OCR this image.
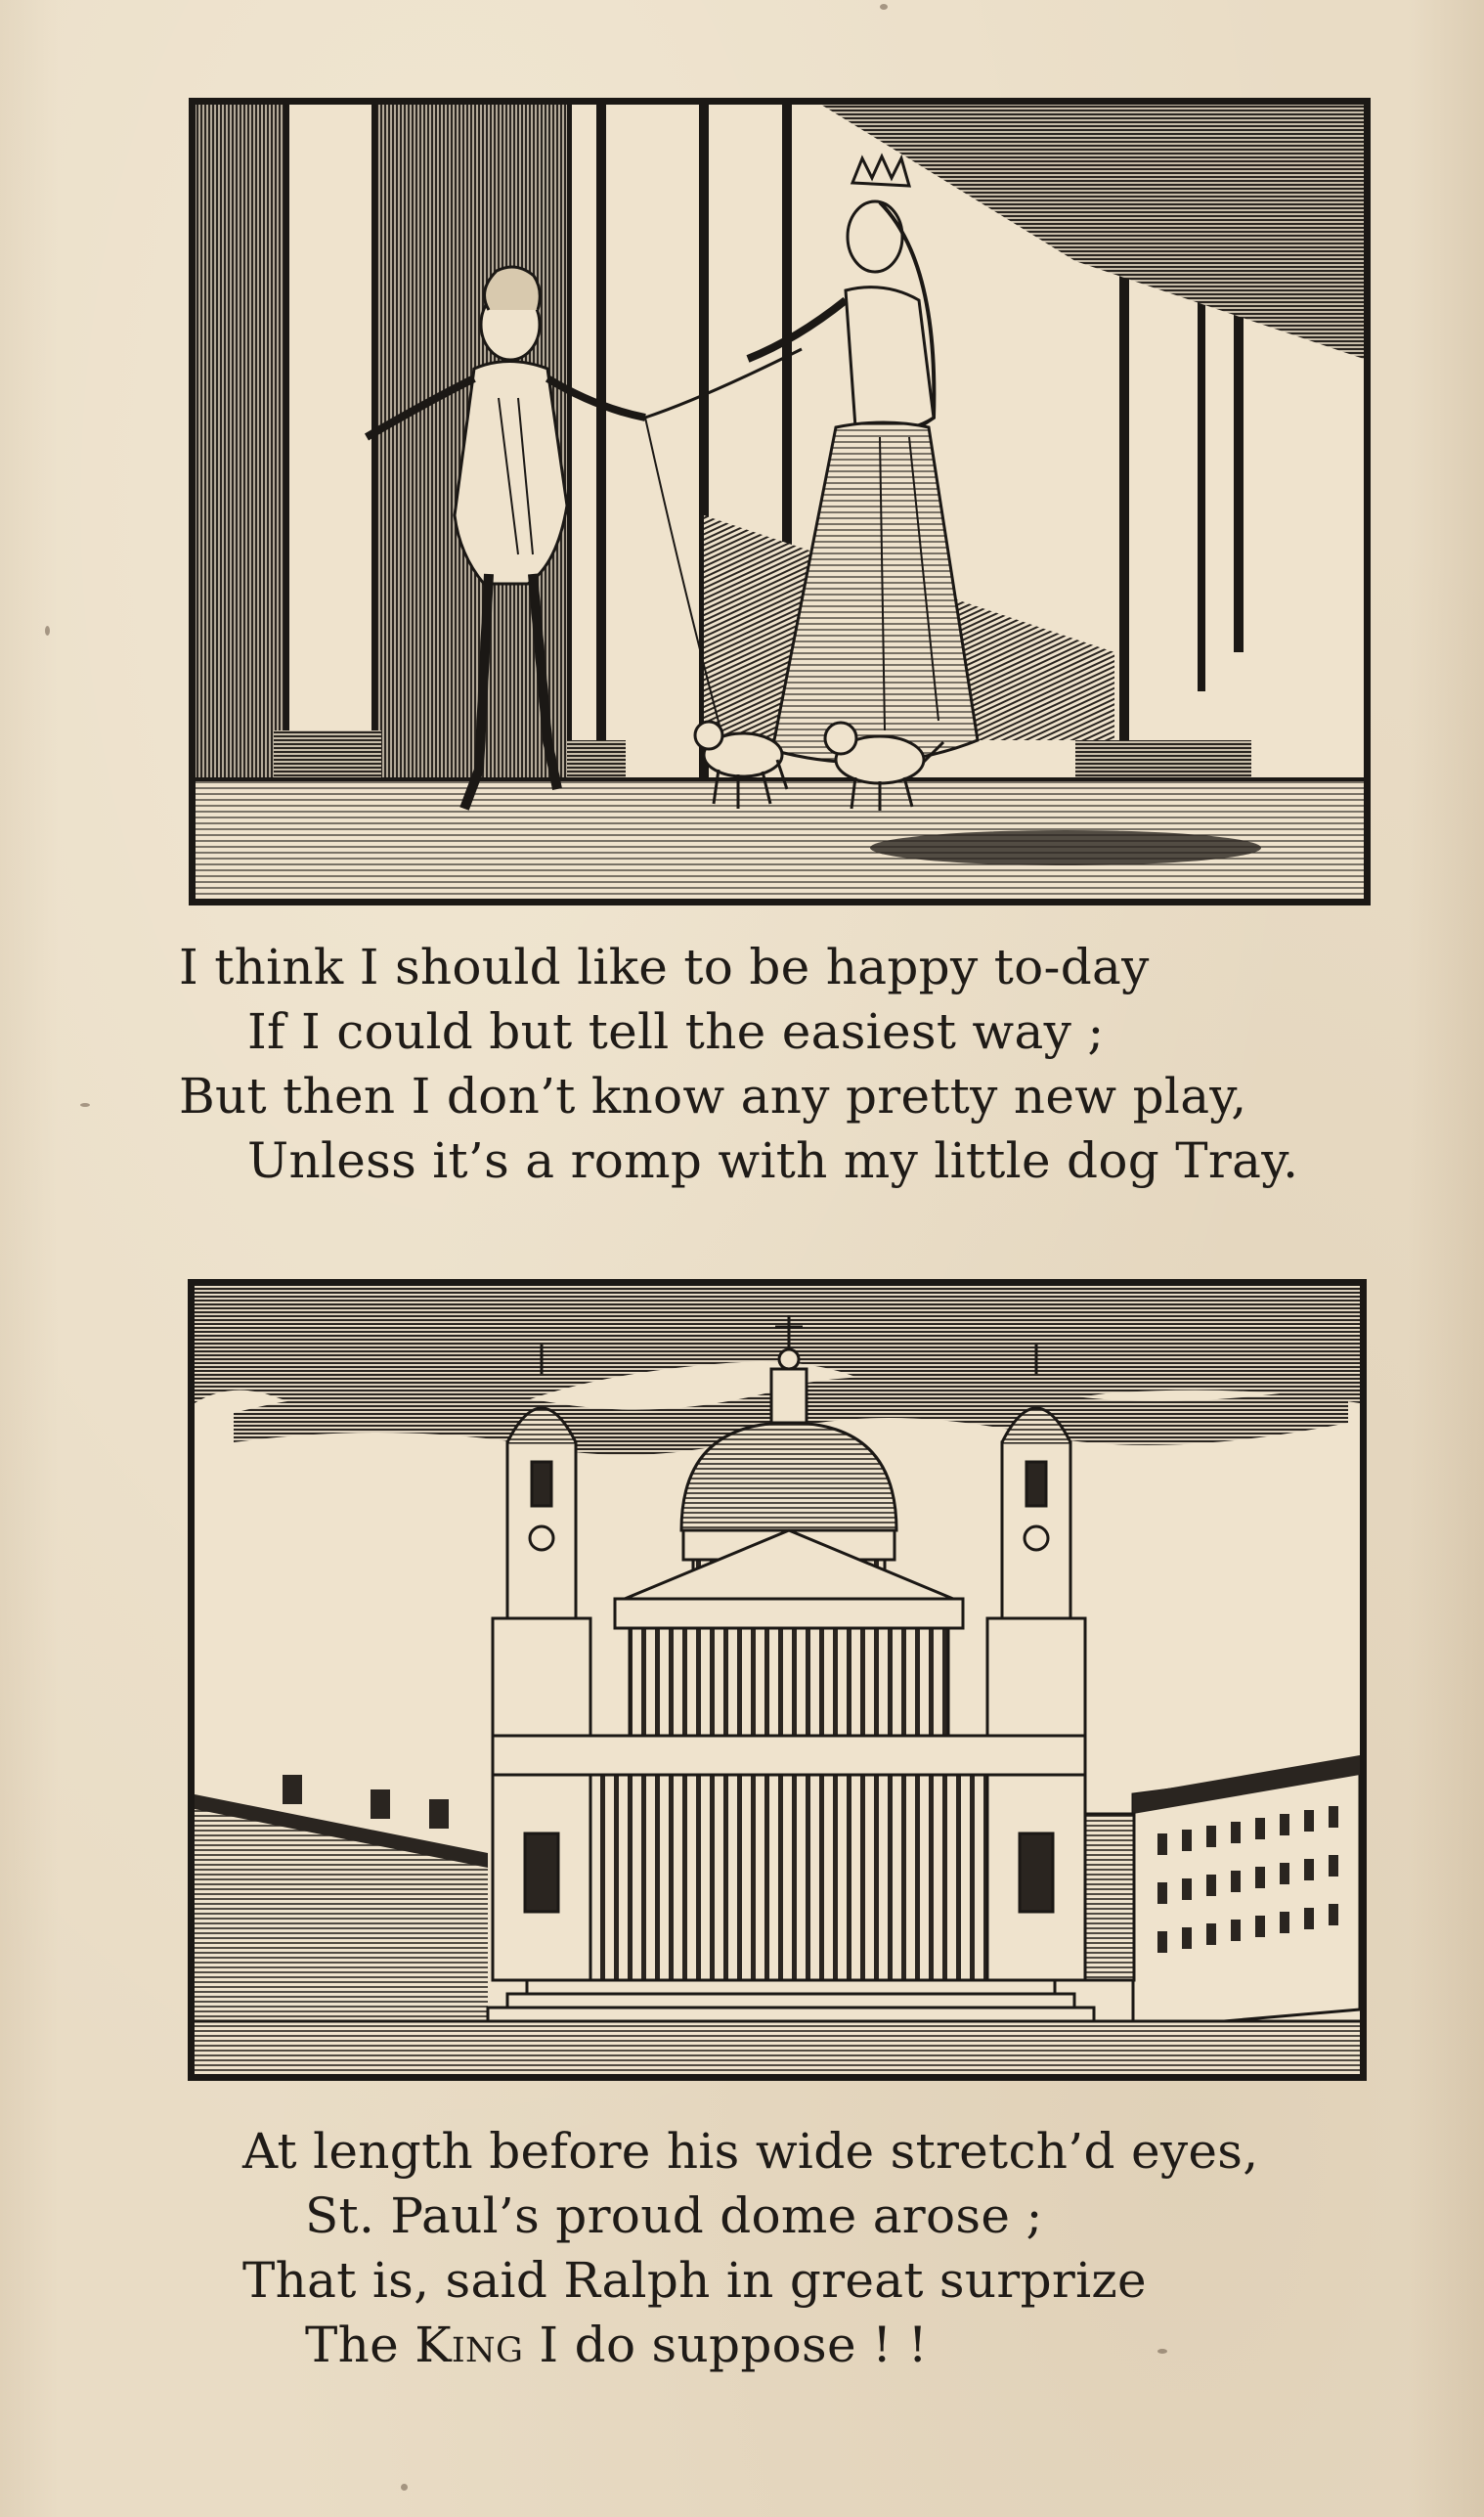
I think I should like to be happy to-day
If I could but tell the easiest way ;
But then I don’t know any pretty new play,
Unless it’s a romp with my little dog Tray.
At length before his wide stretch’d eyes,
St. Paul’s proud dome arose ;
That is, said Ralph in great surprize
The King I do suppose ! !
